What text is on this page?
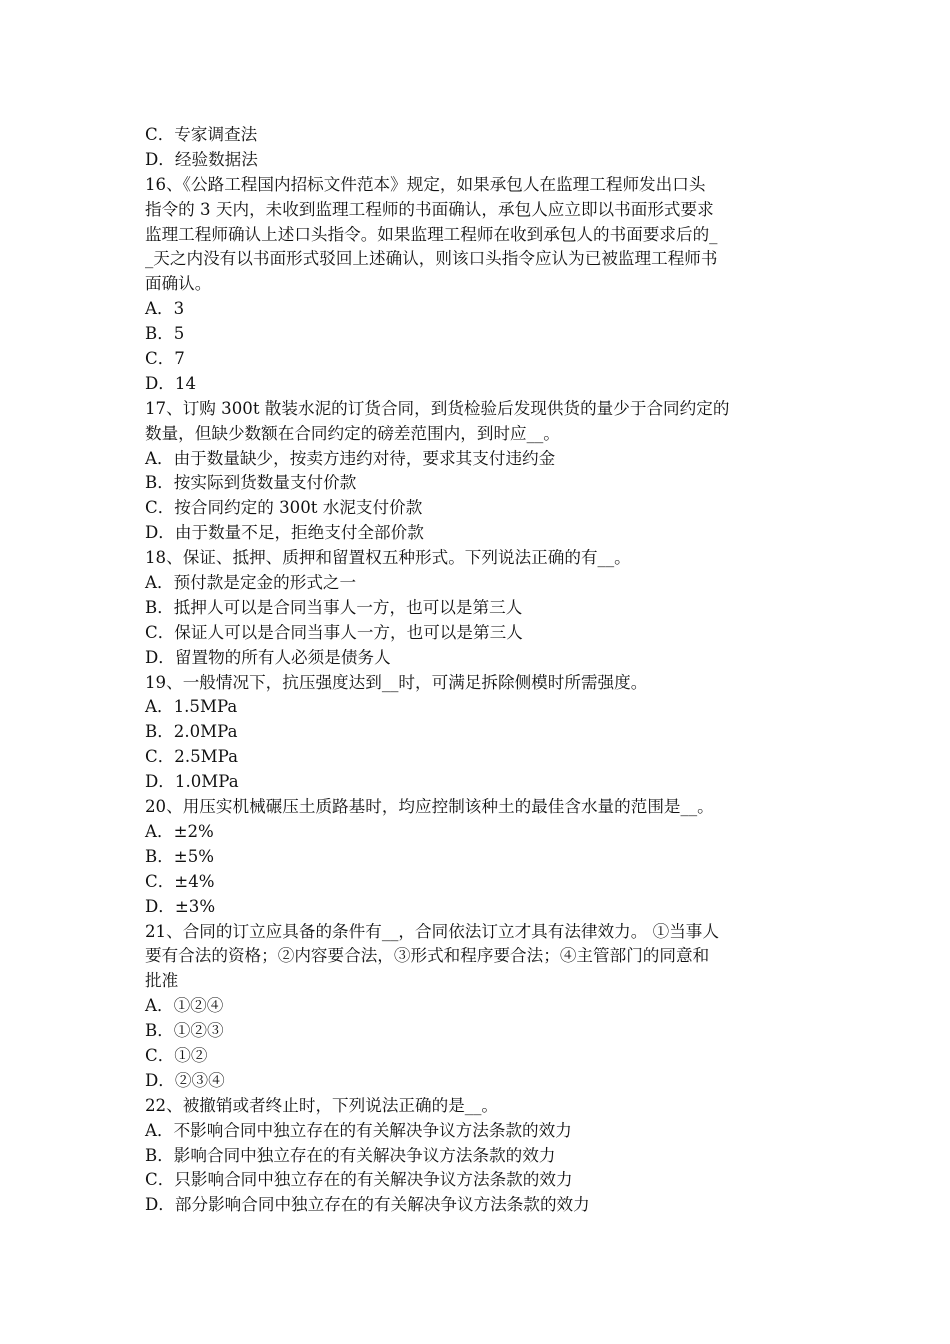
C．专家调查法
D．经验数据法
16、《公路工程国内招标文件范本》规定，如果承包人在监理工程师发出口头
指令的 3 天内，未收到监理工程师的书面确认，承包人应立即以书面形式要求
监理工程师确认上述口头指令。如果监理工程师在收到承包人的书面要求后的_
_天之内没有以书面形式驳回上述确认，则该口头指令应认为已被监理工程师书
面确认。
A．3
B．5
C．7
D．14
17、订购 300t 散装水泥的订货合同，到货检验后发现供货的量少于合同约定的
数量，但缺少数额在合同约定的磅差范围内，到时应__。
A．由于数量缺少，按卖方违约对待，要求其支付违约金
B．按实际到货数量支付价款
C．按合同约定的 300t 水泥支付价款
D．由于数量不足，拒绝支付全部价款
18、保证、抵押、质押和留置权五种形式。下列说法正确的有__。
A．预付款是定金的形式之一
B．抵押人可以是合同当事人一方，也可以是第三人
C．保证人可以是合同当事人一方，也可以是第三人
D．留置物的所有人必须是债务人
19、一般情况下，抗压强度达到__时，可满足拆除侧模时所需强度。
A．1.5MPa
B．2.0MPa
C．2.5MPa
D．1.0MPa
20、用压实机械碾压土质路基时，均应控制该种土的最佳含水量的范围是__。
A．±2%
B．±5%
C．±4%
D．±3%
21、合同的订立应具备的条件有__，合同依法订立才具有法律效力。 ①当事人
要有合法的资格；②内容要合法，③形式和程序要合法；④主管部门的同意和
批准
A．①②④
B．①②③
C．①②
D．②③④
22、被撤销或者终止时，下列说法正确的是__。
A．不影响合同中独立存在的有关解决争议方法条款的效力
B．影响合同中独立存在的有关解决争议方法条款的效力
C．只影响合同中独立存在的有关解决争议方法条款的效力
D．部分影响合同中独立存在的有关解决争议方法条款的效力
